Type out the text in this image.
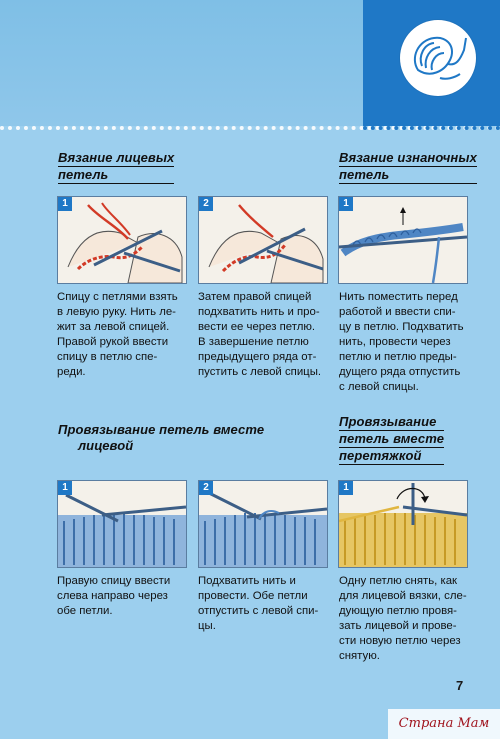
Вязание лицевых
петель
1
Спицу с петлями взять
в левую руку. Нить ле-
жит за левой спицей.
Правой рукой ввести
спицу в петлю спе-
реди.
2
Затем правой спицей
подхватить нить и про-
вести ее через петлю.
В завершение петлю
предыдущего ряда от-
пустить с левой спицы.
Вязание изнаночных
петель
1
Нить поместить перед
работой и ввести спи-
цу в петлю. Подхватить
нить, провести через
петлю и петлю преды-
дущего ряда отпустить
с левой спицы.
Провязывание петель вместе
лицевой
1
Правую спицу ввести
слева направо через
обе петли.
2
Подхватить нить и
провести. Обе петли
отпустить с левой спи-
цы.
Провязывание
петель вместе
перетяжкой
1
Одну петлю снять, как
для лицевой вязки, сле-
дующую петлю провя-
зать лицевой и прове-
сти новую петлю через
снятую.
7
Страна Мам
